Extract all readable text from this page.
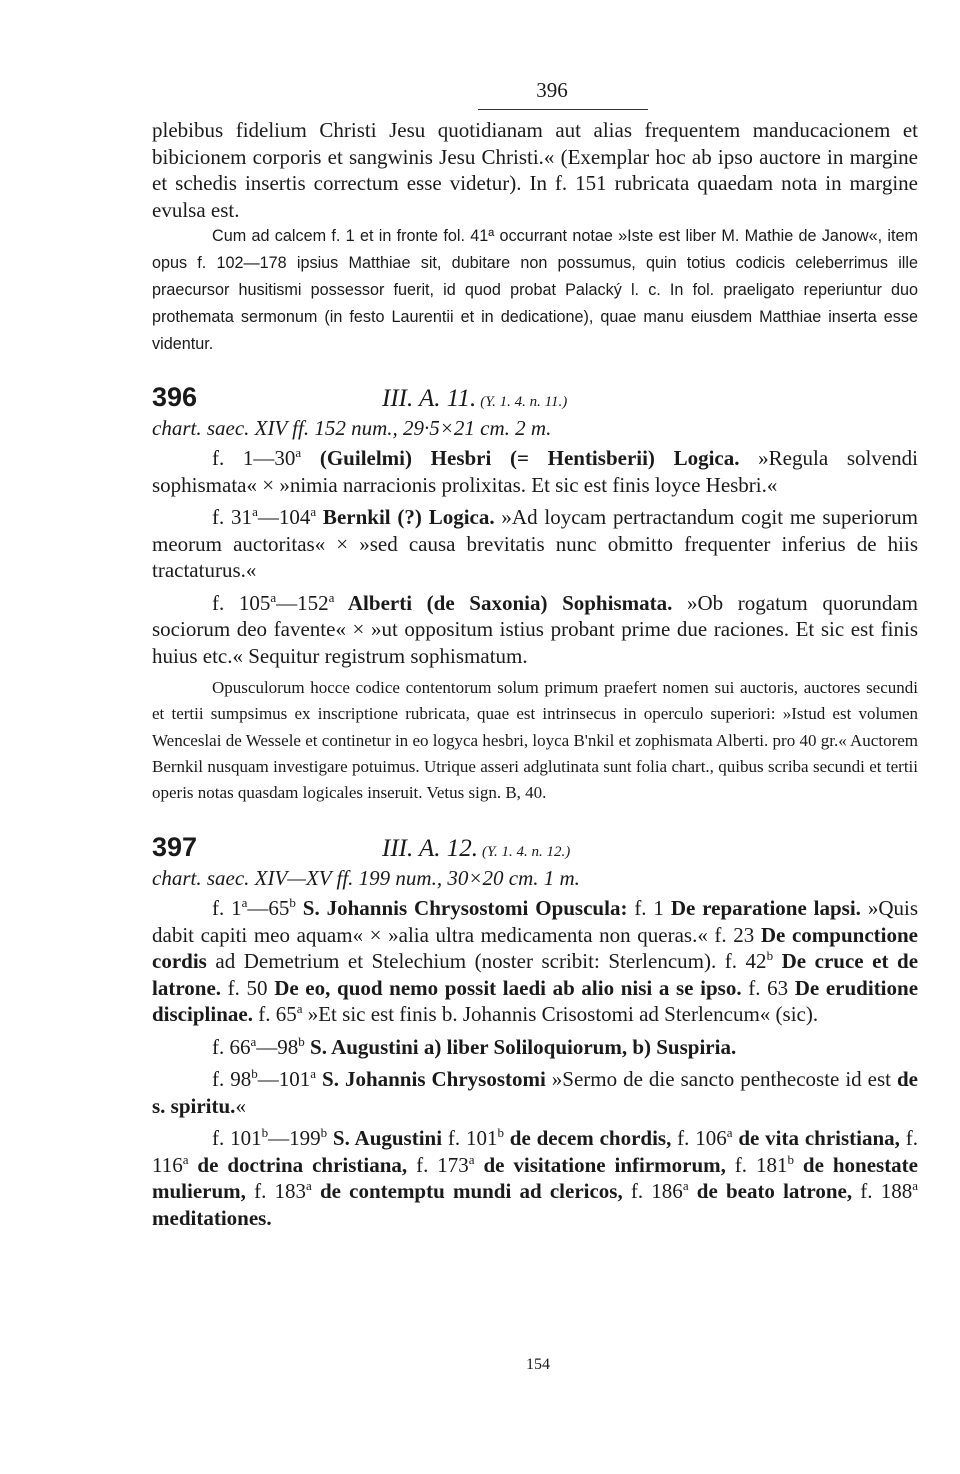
396

plebibus fidelium Christi Jesu quotidianam aut alias frequentem manducacionem et bibicionem corporis et sangwinis Jesu Christi.« (Exemplar hoc ab ipso auctore in margine et schedis insertis correctum esse videtur). In f. 151 rubricata quaedam nota in margine evulsa est.

Cum ad calcem f. 1 et in fronte fol. 41ª occurrant notae »Iste est liber M. Mathie de Janow«, item opus f. 102—178 ipsius Matthiae sit, dubitare non possumus, quin totius codicis celeberrimus ille praecursor husitismi possessor fuerit, id quod probat Palacký l. c. In fol. praeligato reperiuntur duo prothemata sermonum (in festo Laurentii et in dedicatione), quae manu eiusdem Matthiae inserta esse videntur.

396	III. A. 11. (Y. 1. 4. n. 11.)
chart. saec. XIV ff. 152 num., 29·5×21 cm. 2 m.

f. 1—30$^a$ (Guilelmi) Hesbri (= Hentisberii) Logica. »Regula solvendi sophismata« × »nimia narracionis prolixitas. Et sic est finis loyce Hesbri.«

f. 31$^a$—104$^a$ Bernkil (?) Logica. »Ad loycam pertractandum cogit me superiorum meorum auctoritas« × »sed causa brevitatis nunc obmitto frequenter inferius de hiis tractaturus.«

f. 105$^a$—152$^a$ Alberti (de Saxonia) Sophismata. »Ob rogatum quorundam sociorum deo favente« × »ut oppositum istius probant prime due raciones. Et sic est finis huius etc.« Sequitur registrum sophismatum.

Opusculorum hocce codice contentorum solum primum praefert nomen sui auctoris, auctores secundi et tertii sumpsimus ex inscriptione rubricata, quae est intrinsecus in operculo superiori: »Istud est volumen Wenceslai de Wessele et continetur in eo logyca hesbri, loyca B'nkil et zophismata Alberti. pro 40 gr.« Auctorem Bernkil nusquam investigare potuimus. Utrique asseri adglutinata sunt folia chart., quibus scriba secundi et tertii operis notas quasdam logicales inseruit. Vetus sign. B, 40.

397	III. A. 12. (Y. 1. 4. n. 12.)
chart. saec. XIV—XV ff. 199 num., 30×20 cm. 1 m.

f. 1$^a$—65$^b$ S. Johannis Chrysostomi Opuscula: f. 1 De reparatione lapsi. »Quis dabit capiti meo aquam« × »alia ultra medicamenta non queras.« f. 23 De compunctione cordis ad Demetrium et Stelechium (noster scribit: Sterlencum). f. 42$^b$ De cruce et de latrone. f. 50 De eo, quod nemo possit laedi ab alio nisi a se ipso. f. 63 De eruditione disciplinae. f. 65$^a$ »Et sic est finis b. Johannis Crisostomi ad Sterlencum« (sic).

f. 66$^a$—98$^b$ S. Augustini a) liber Soliloquiorum, b) Suspiria.

f. 98$^b$—101$^a$ S. Johannis Chrysostomi »Sermo de die sancto penthecoste id est de s. spiritu.«

f. 101$^b$—199$^b$ S. Augustini f. 101$^b$ de decem chordis, f. 106$^a$ de vita christiana, f. 116$^a$ de doctrina christiana, f. 173$^a$ de visitatione infirmorum, f. 181$^b$ de honestate mulierum, f. 183$^a$ de contemptu mundi ad clericos, f. 186$^a$ de beato latrone, f. 188$^a$ meditationes.

154
